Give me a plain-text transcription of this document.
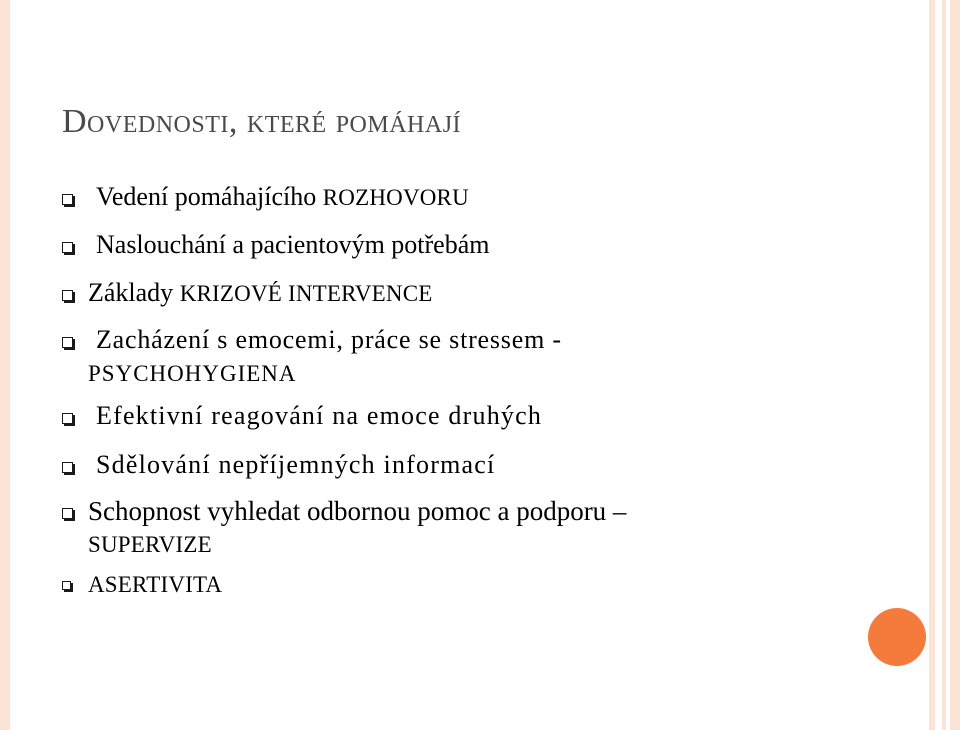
Dovednosti, které pomáhají
Vedení pomáhajícího ROZHOVORU
Naslouchání a pacientovým potřebám
Základy KRIZOVÉ INTERVENCE
Zacházení s emocemi, práce se stressem -
PSYCHOHYGIENA
Efektivní reagování na emoce druhých
Sdělování nepříjemných informací
Schopnost vyhledat odbornou pomoc a podporu –
SUPERVIZE
ASERTIVITA
